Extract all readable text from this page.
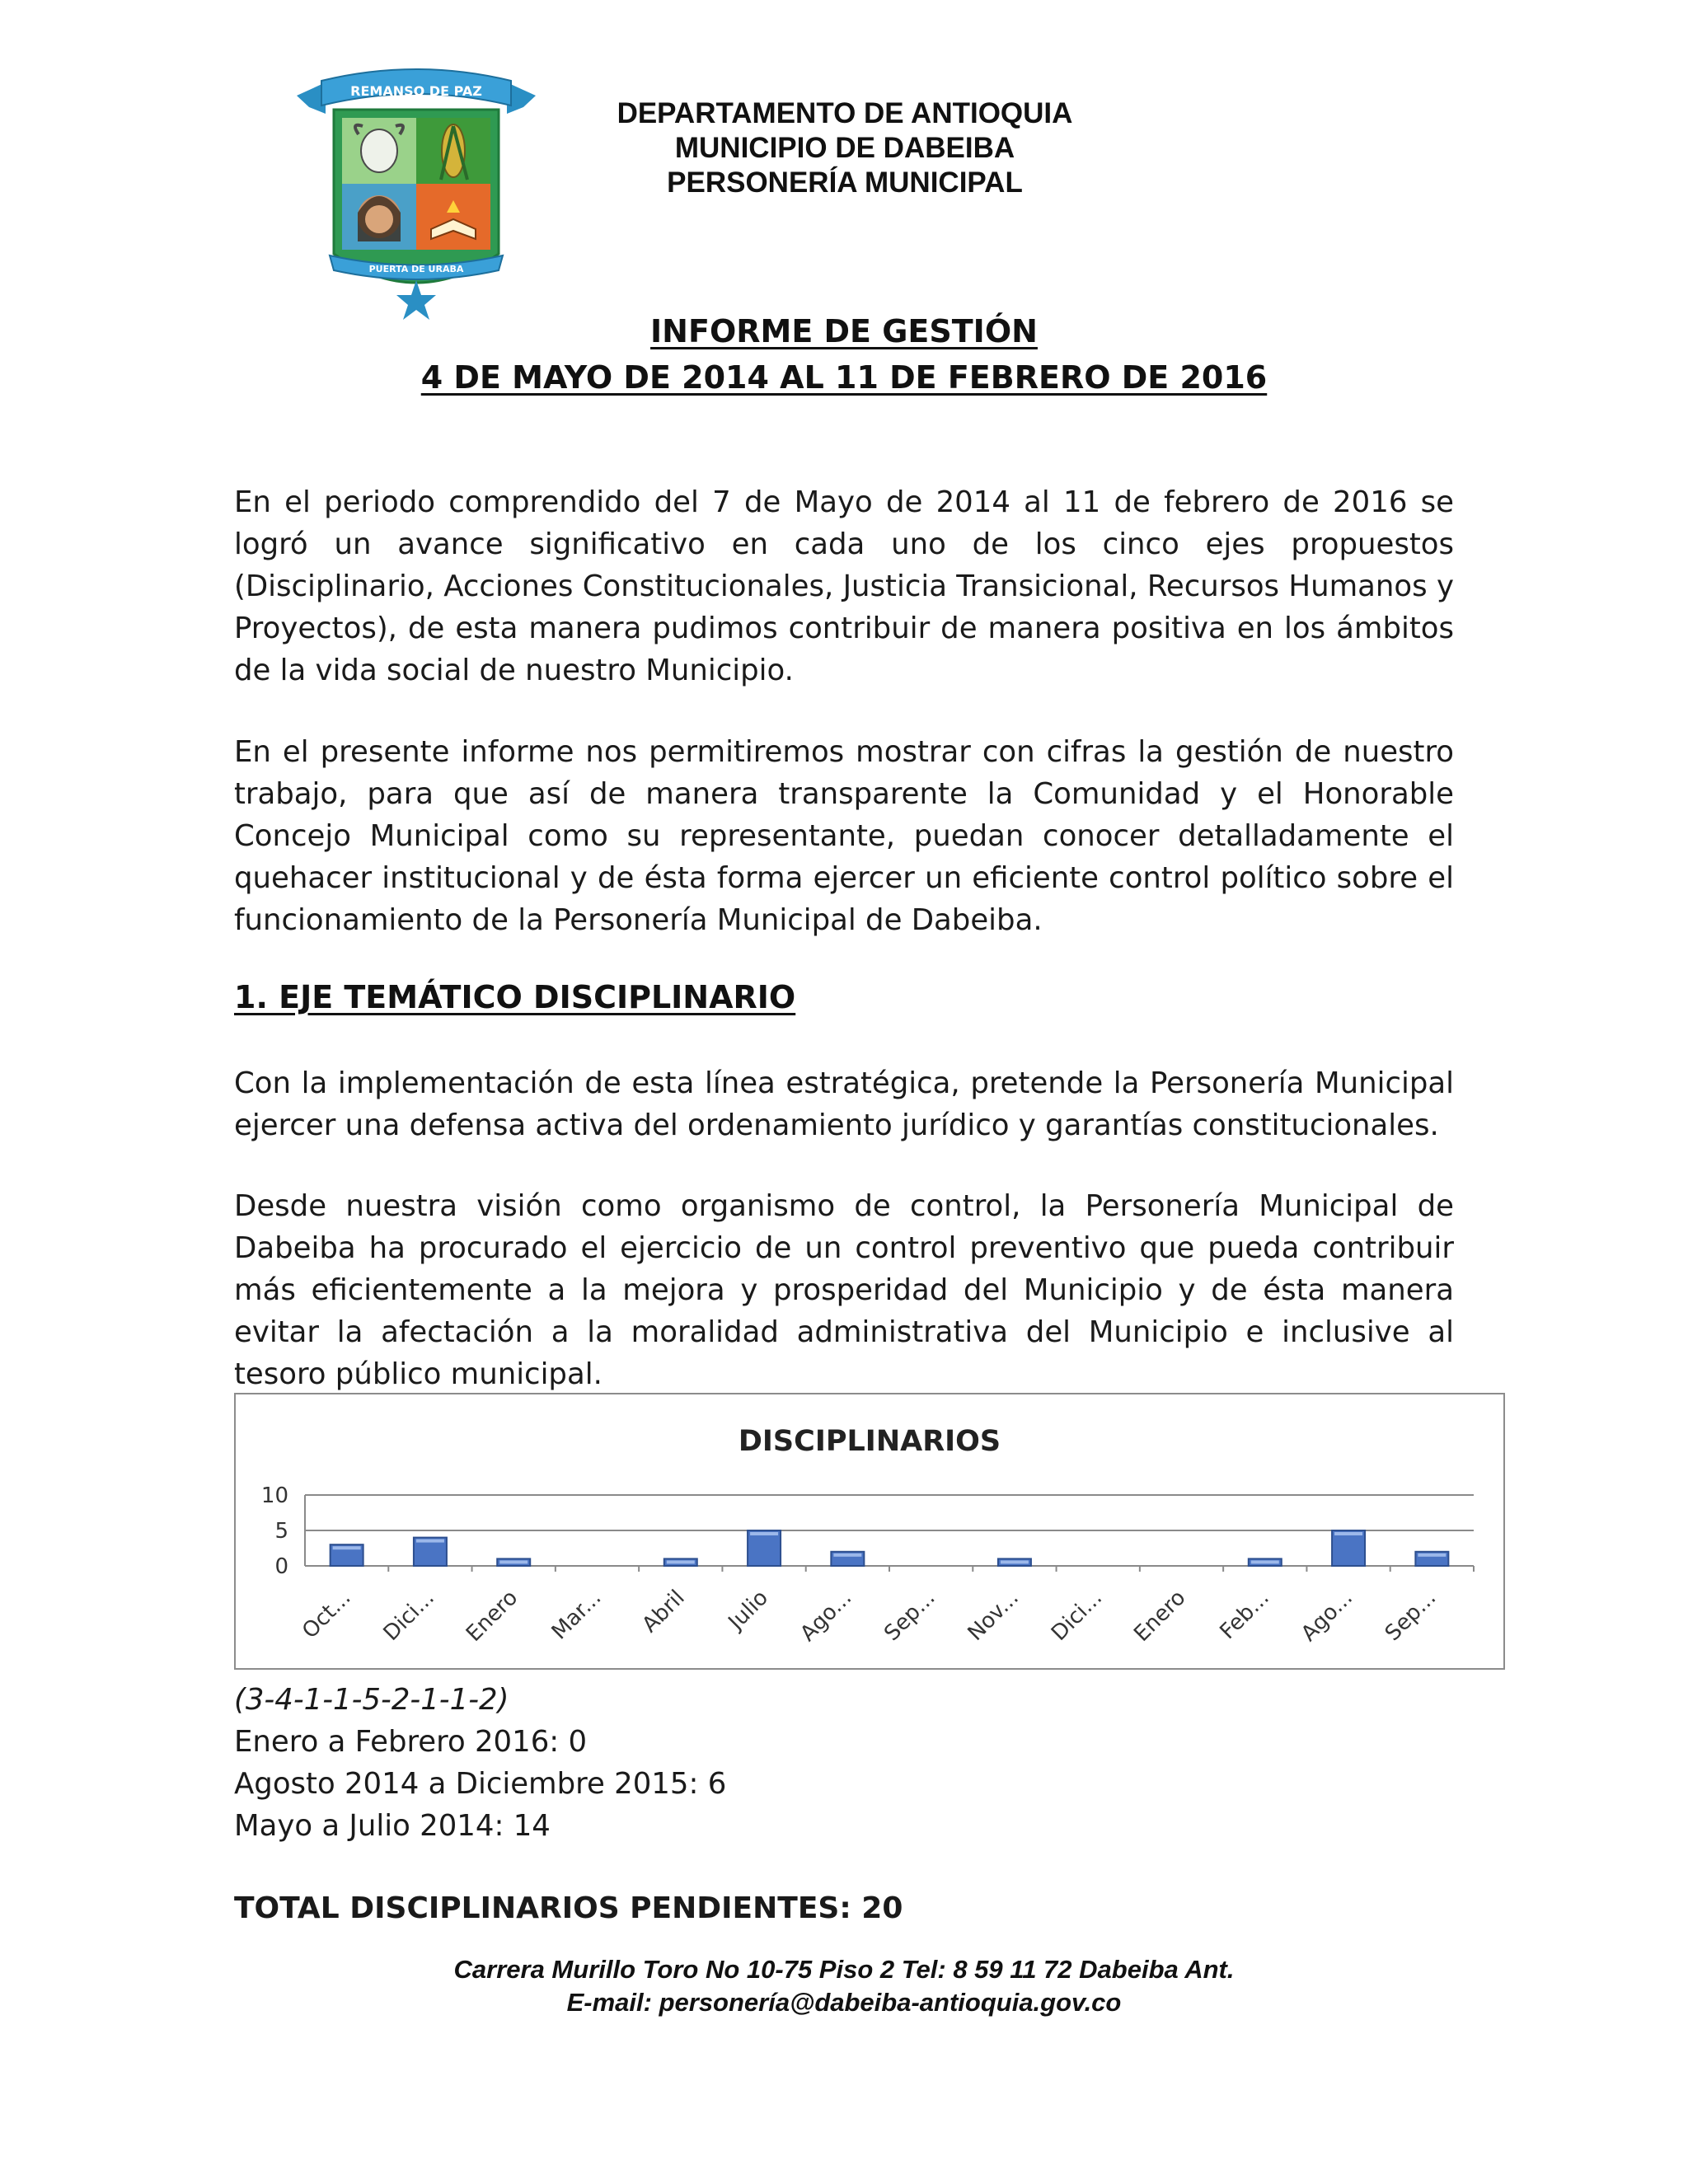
REMANSO DE PAZ
PUERTA DE URABA
DEPARTAMENTO DE ANTIOQUIA
MUNICIPIO DE DABEIBA
PERSONERÍA MUNICIPAL
INFORME DE GESTIÓN
4 DE MAYO DE 2014 AL 11 DE FEBRERO DE 2016
En el periodo comprendido del 7 de Mayo de 2014 al 11 de febrero de 2016 se logró un avance significativo en cada uno de los cinco ejes propuestos (Disciplinario, Acciones Constitucionales, Justicia Transicional, Recursos Humanos y Proyectos), de esta manera pudimos contribuir de manera positiva en los ámbitos de la vida social de nuestro Municipio.
En el presente informe nos permitiremos mostrar con cifras la gestión de nuestro trabajo, para que así de manera transparente la Comunidad y el Honorable Concejo Municipal como su representante, puedan conocer detalladamente el quehacer institucional y de ésta forma ejercer un eficiente control político sobre el funcionamiento de la Personería Municipal de Dabeiba.
1. EJE TEMÁTICO DISCIPLINARIO
Con la implementación de esta línea estratégica, pretende la Personería Municipal ejercer una defensa activa del ordenamiento jurídico y garantías constitucionales.
Desde nuestra visión como organismo de control, la Personería Municipal de Dabeiba ha procurado el ejercicio de un control preventivo que pueda contribuir más eficientemente a la mejora y prosperidad del Municipio y de ésta manera evitar la afectación a la moralidad administrativa del Municipio e inclusive al tesoro público municipal.
DISCIPLINARIOS
10
5
0
Oct... Dici... Enero Mar... Abril Julio Ago... Sep... Nov... Dici... Enero Feb... Ago... Sep...
(3-4-1-1-5-2-1-1-2)
Enero a Febrero 2016: 0
Agosto 2014 a Diciembre 2015: 6
Mayo a Julio 2014: 14
TOTAL DISCIPLINARIOS PENDIENTES: 20
Carrera Murillo Toro No 10-75 Piso 2 Tel: 8 59 11 72 Dabeiba Ant.
E-mail: personería@dabeiba-antioquia.gov.co
